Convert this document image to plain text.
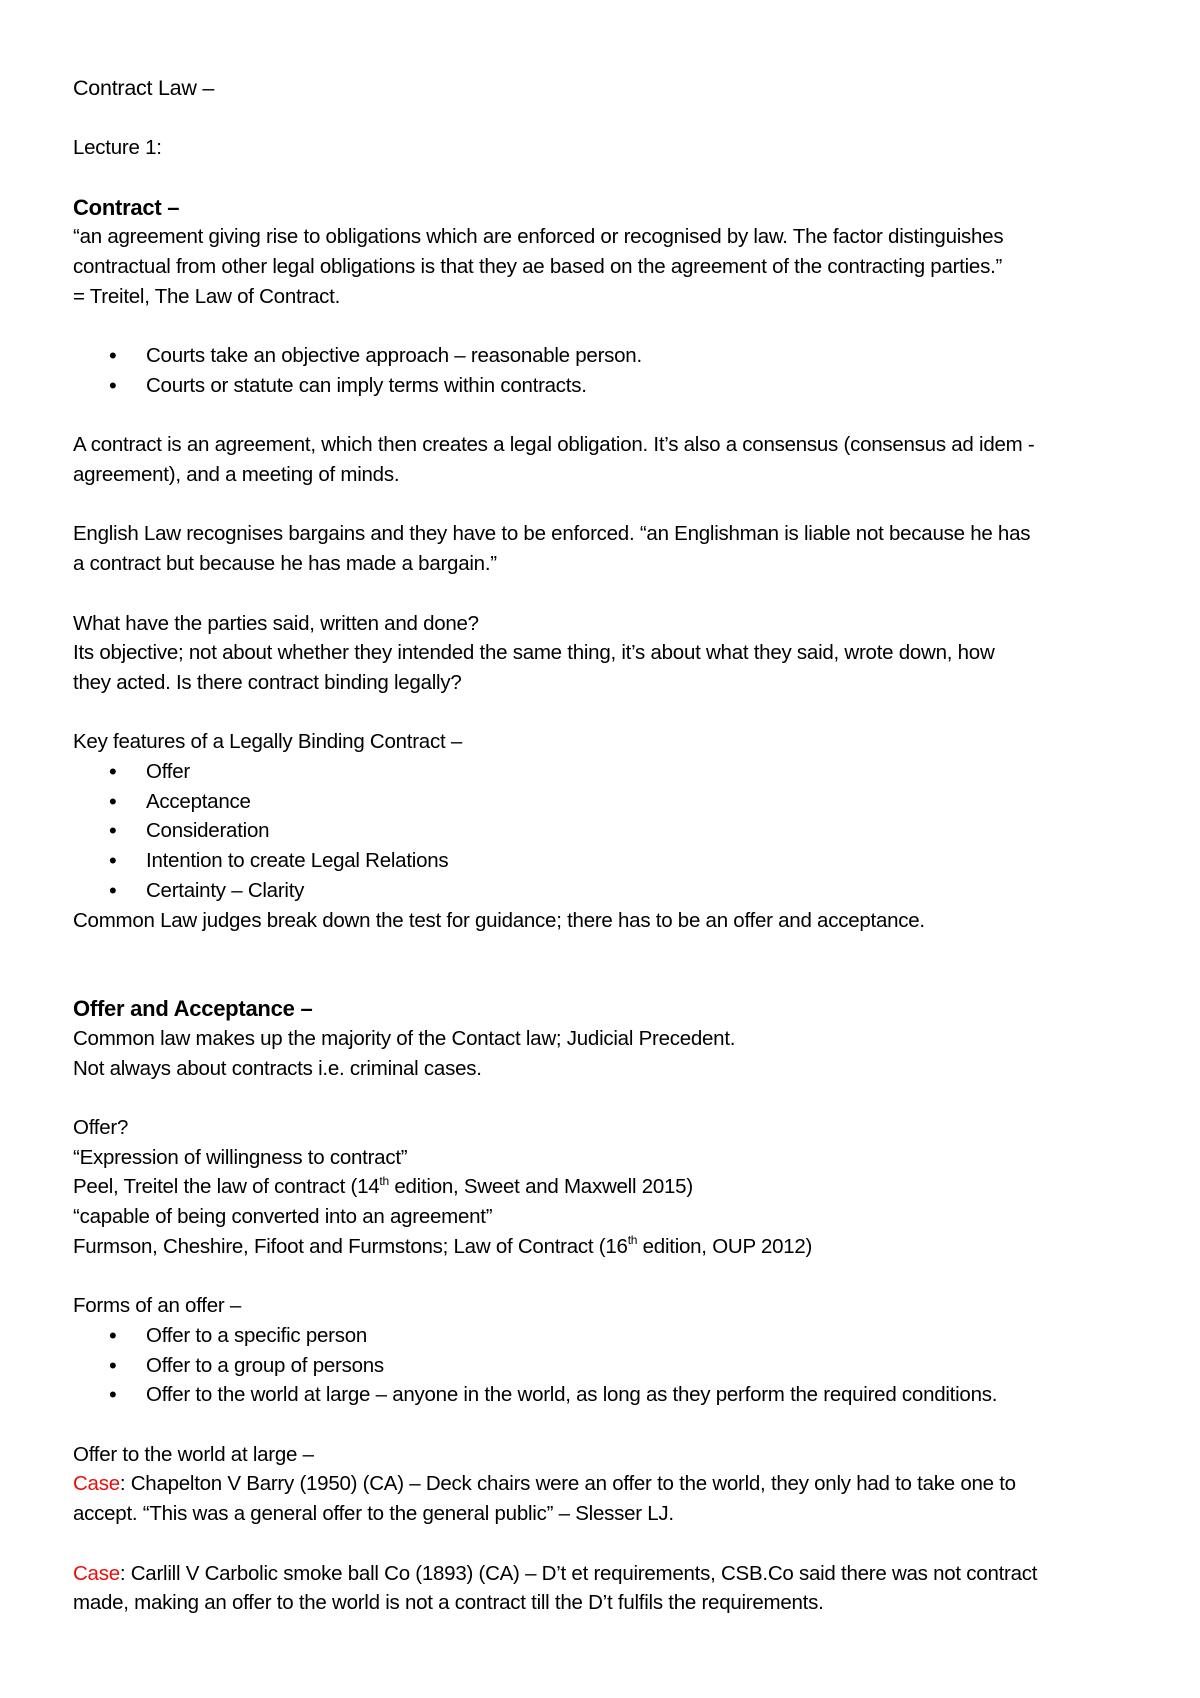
Contract Law –
Lecture 1:
Contract –
“an agreement giving rise to obligations which are enforced or recognised by law. The factor distinguishes
contractual from other legal obligations is that they ae based on the agreement of the contracting parties.”
= Treitel, The Law of Contract.
• Courts take an objective approach – reasonable person.
• Courts or statute can imply terms within contracts.
A contract is an agreement, which then creates a legal obligation. It’s also a consensus (consensus ad idem -
agreement), and a meeting of minds.
English Law recognises bargains and they have to be enforced. “an Englishman is liable not because he has
a contract but because he has made a bargain.”
What have the parties said, written and done?
Its objective; not about whether they intended the same thing, it’s about what they said, wrote down, how
they acted. Is there contract binding legally?
Key features of a Legally Binding Contract –
• Offer
• Acceptance
• Consideration
• Intention to create Legal Relations
• Certainty – Clarity
Common Law judges break down the test for guidance; there has to be an offer and acceptance.
Offer and Acceptance –
Common law makes up the majority of the Contact law; Judicial Precedent.
Not always about contracts i.e. criminal cases.
Offer?
“Expression of willingness to contract”
Peel, Treitel the law of contract (14th edition, Sweet and Maxwell 2015)
“capable of being converted into an agreement”
Furmson, Cheshire, Fifoot and Furmstons; Law of Contract (16th edition, OUP 2012)
Forms of an offer –
• Offer to a specific person
• Offer to a group of persons
• Offer to the world at large – anyone in the world, as long as they perform the required conditions.
Offer to the world at large –
Case: Chapelton V Barry (1950) (CA) – Deck chairs were an offer to the world, they only had to take one to
accept. “This was a general offer to the general public” – Slesser LJ.
Case: Carlill V Carbolic smoke ball Co (1893) (CA) – D’t et requirements, CSB.Co said there was not contract
made, making an offer to the world is not a contract till the D’t fulfils the requirements.
